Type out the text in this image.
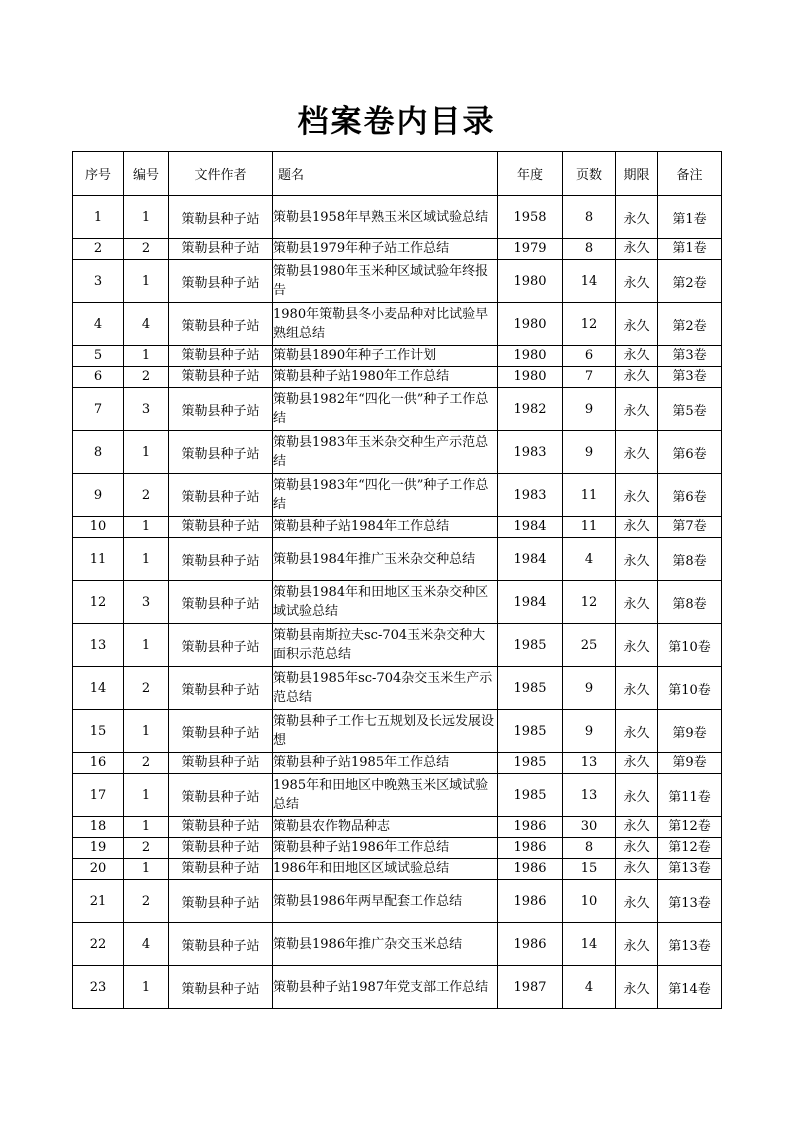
档案卷内目录
序号	编号	文件作者	题名	年度	页数	期限	备注
1	1	策勒县种子站	策勒县1958年早熟玉米区域试验总结	1958	8	永久	第1卷
2	2	策勒县种子站	策勒县1979年种子站工作总结	1979	8	永久	第1卷
3	1	策勒县种子站	策勒县1980年玉米种区域试验年终报告	1980	14	永久	第2卷
4	4	策勒县种子站	1980年策勒县冬小麦品种对比试验早熟组总结	1980	12	永久	第2卷
5	1	策勒县种子站	策勒县1890年种子工作计划	1980	6	永久	第3卷
6	2	策勒县种子站	策勒县种子站1980年工作总结	1980	7	永久	第3卷
7	3	策勒县种子站	策勒县1982年“四化一供”种子工作总结	1982	9	永久	第5卷
8	1	策勒县种子站	策勒县1983年玉米杂交种生产示范总结	1983	9	永久	第6卷
9	2	策勒县种子站	策勒县1983年“四化一供”种子工作总结	1983	11	永久	第6卷
10	1	策勒县种子站	策勒县种子站1984年工作总结	1984	11	永久	第7卷
11	1	策勒县种子站	策勒县1984年推广玉米杂交种总结	1984	4	永久	第8卷
12	3	策勒县种子站	策勒县1984年和田地区玉米杂交种区域试验总结	1984	12	永久	第8卷
13	1	策勒县种子站	策勒县南斯拉夫sc-704玉米杂交种大面积示范总结	1985	25	永久	第10卷
14	2	策勒县种子站	策勒县1985年sc-704杂交玉米生产示范总结	1985	9	永久	第10卷
15	1	策勒县种子站	策勒县种子工作七五规划及长远发展设想	1985	9	永久	第9卷
16	2	策勒县种子站	策勒县种子站1985年工作总结	1985	13	永久	第9卷
17	1	策勒县种子站	1985年和田地区中晚熟玉米区域试验总结	1985	13	永久	第11卷
18	1	策勒县种子站	策勒县农作物品种志	1986	30	永久	第12卷
19	2	策勒县种子站	策勒县种子站1986年工作总结	1986	8	永久	第12卷
20	1	策勒县种子站	1986年和田地区区域试验总结	1986	15	永久	第13卷
21	2	策勒县种子站	策勒县1986年两早配套工作总结	1986	10	永久	第13卷
22	4	策勒县种子站	策勒县1986年推广杂交玉米总结	1986	14	永久	第13卷
23	1	策勒县种子站	策勒县种子站1987年党支部工作总结	1987	4	永久	第14卷
